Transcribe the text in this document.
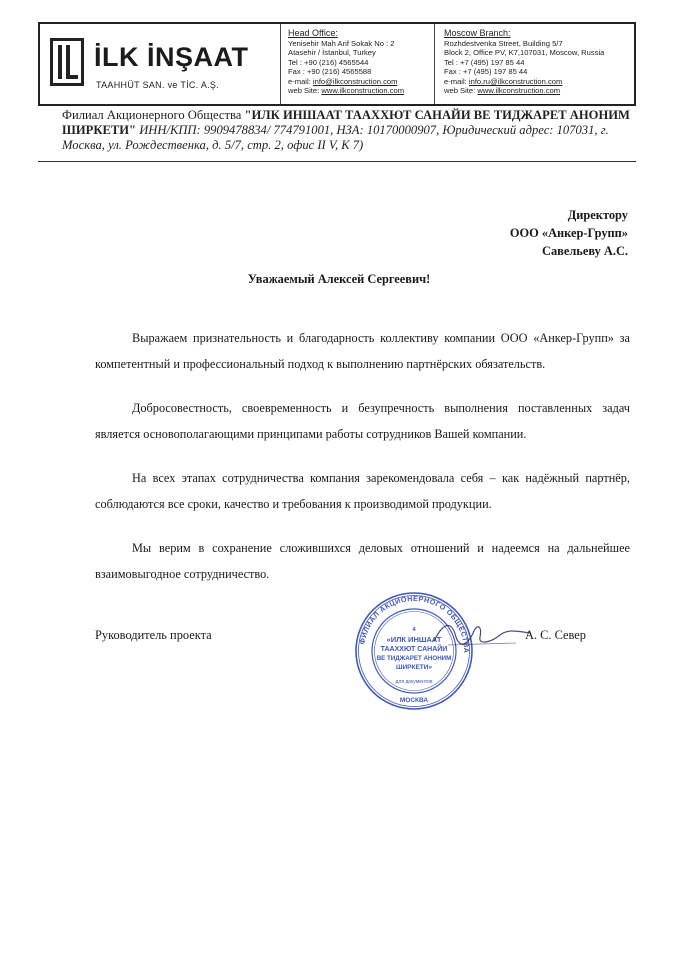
İLK İNŞAAT
TAAHHÜT SAN. ve TİC. A.Ş.
Head Office:
Yenisehir Mah Arif Sokak No : 2
Atasehir / İstanbul, Turkey
Tel : +90 (216) 4565544
Fax : +90 (216) 4565588
e-mail: info@ilkconstruction.com
web Site: www.ilkconstruction.com
Moscow Branch:
Rozhdestvenka Street, Building 5/7
Block 2, Office PV, K7,107031, Moscow, Russia
Tel : +7 (495) 197 85 44
Fax : +7 (495) 197 85 44
e-mail: info.ru@ilkconstruction.com
web Site: www.ilkconstruction.com
Филиал Акционерного Общества "ИЛК ИНШААТ ТААХХЮТ САНАЙИ ВЕ ТИДЖАРЕТ АНОНИМ ШИРКЕТИ" ИНН/КПП: 9909478834/ 774791001, НЗА: 10170000907, Юридический адрес: 107031, г. Москва, ул. Рождественка, д. 5/7, стр. 2, офис II V, К 7)
Директору
ООО «Анкер-Групп»
Савельеву А.С.
Уважаемый Алексей Сергеевич!

Выражаем признательность и благодарность коллективу компании ООО «Анкер-Групп» за компетентный и профессиональный подход к выполнению партнёрских обязательств.

Добросовестность, своевременность и безупречность выполнения поставленных задач является основополагающими принципами работы сотрудников Вашей компании.

На всех этапах сотрудничества компания зарекомендовала себя – как надёжный партнёр, соблюдаются все сроки, качество и требования к производимой продукции.

Мы верим в сохранение сложившихся деловых отношений и надеемся на дальнейшее взаимовыгодное сотрудничество.

Руководитель проекта	ФИЛИАЛ АКЦИОНЕРНОГО ОБЩЕСТВА
4
«ИЛК ИНШААТ
ТААХХЮТ САНАЙИ
ВЕ ТИДЖАРЕТ АНОНИМ
ШИРКЕТИ»
для документов
МОСКВА
А. С. Север
